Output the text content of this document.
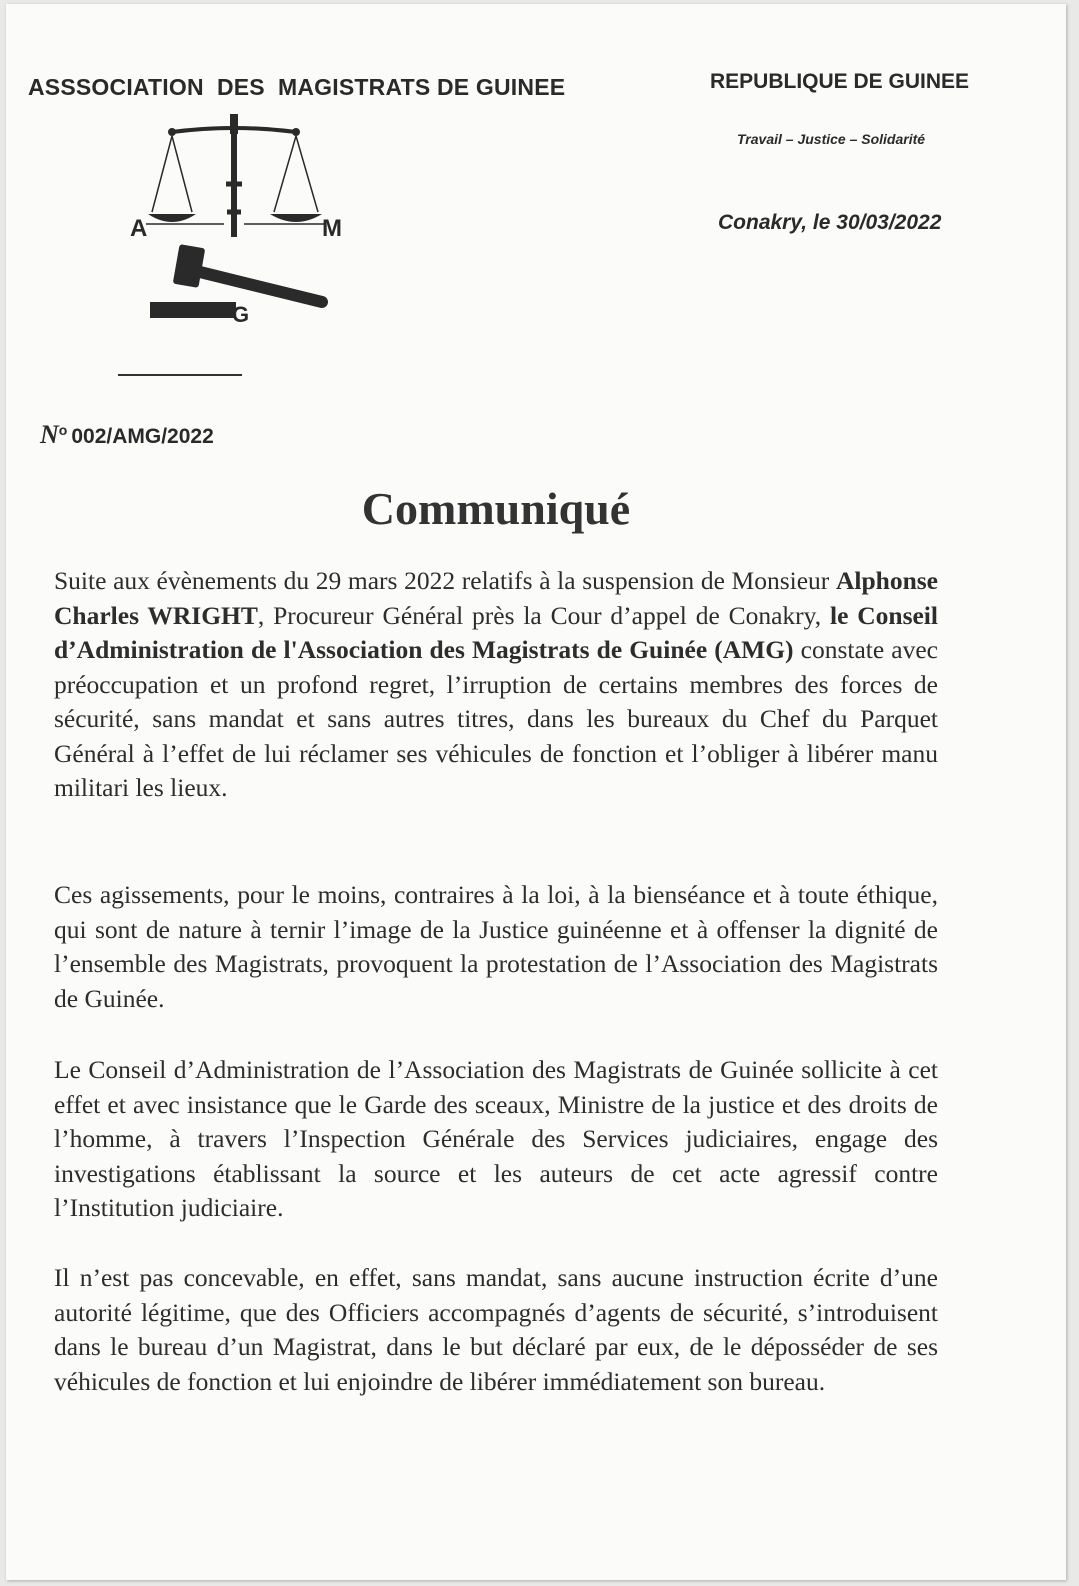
ASSSOCIATION  DES  MAGISTRATS DE GUINEE	REPUBLIQUE DE GUINEE
Travail – Justice – Solidarité
Conakry, le 30/03/2022
A	M
G
$N^o$ 002/AMG/2022
Communiqué
Suite aux évènements du 29 mars 2022 relatifs à la suspension de Monsieur Alphonse Charles WRIGHT, Procureur Général près la Cour d’appel de Conakry, le Conseil d’Administration de l'Association des Magistrats de Guinée (AMG) constate avec préoccupation et un profond regret, l’irruption de certains membres des forces de sécurité, sans mandat et sans autres titres, dans les bureaux du Chef du Parquet Général à l’effet de lui réclamer ses véhicules de fonction et l’obliger à libérer manu militari les lieux.
Ces agissements, pour le moins, contraires à la loi, à la bienséance et à toute éthique, qui sont de nature à ternir l’image de la Justice guinéenne et à offenser la dignité de l’ensemble des Magistrats, provoquent la protestation de l’Association des Magistrats de Guinée.
Le Conseil d’Administration de l’Association des Magistrats de Guinée sollicite à cet effet et avec insistance que le Garde des sceaux, Ministre de la justice et des droits de l’homme, à travers l’Inspection Générale des Services judiciaires, engage des investigations établissant la source et les auteurs de cet acte agressif contre l’Institution judiciaire.
Il n’est pas concevable, en effet, sans mandat, sans aucune instruction écrite d’une autorité légitime, que des Officiers accompagnés d’agents de sécurité, s’introduisent dans le bureau d’un Magistrat, dans le but déclaré par eux, de le déposséder de ses véhicules de fonction et lui enjoindre de libérer immédiatement son bureau.
